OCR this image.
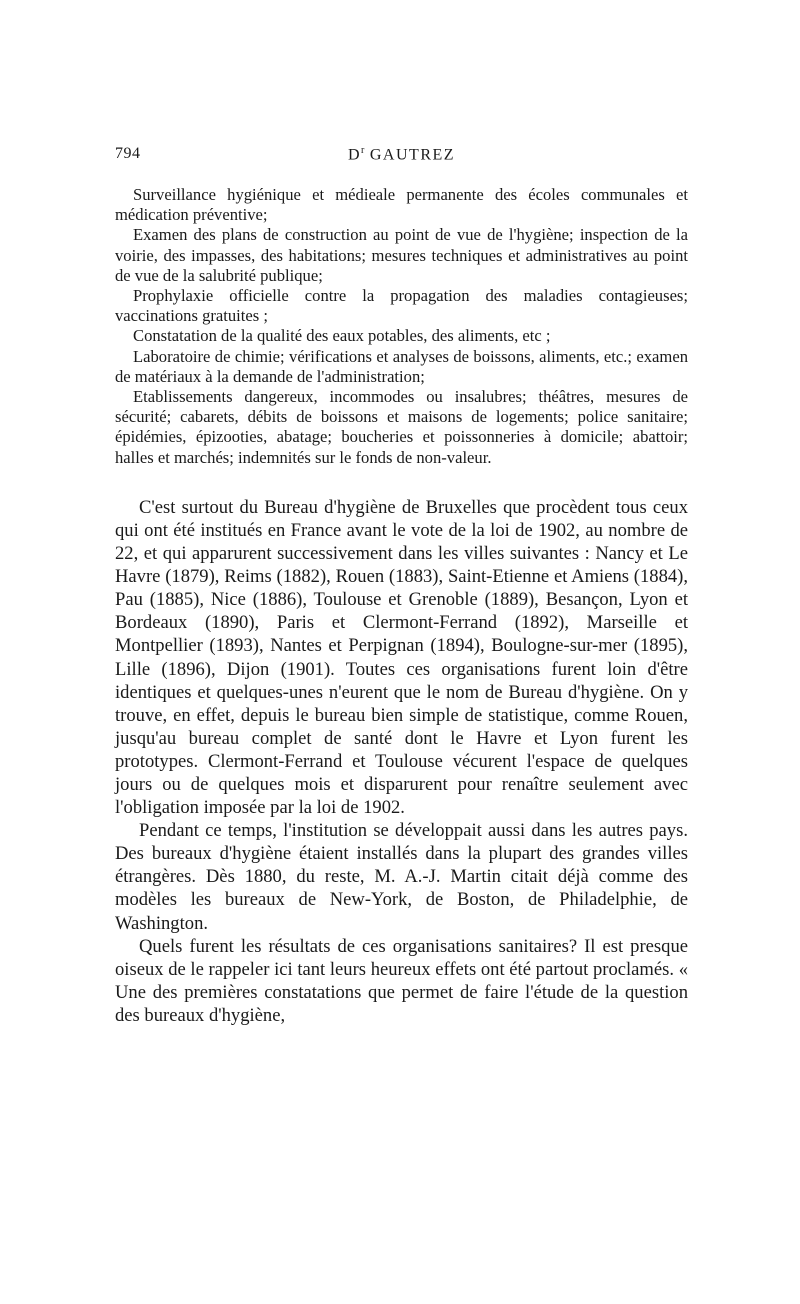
794	$D^r$ GAUTREZ

Surveillance hygiénique et médieale permanente des écoles communales et médication préventive;

Examen des plans de construction au point de vue de l'hygiène; inspection de la voirie, des impasses, des habitations; mesures techniques et administratives au point de vue de la salubrité publique;

Prophylaxie officielle contre la propagation des maladies contagieuses; vaccinations gratuites ;

Constatation de la qualité des eaux potables, des aliments, etc ;

Laboratoire de chimie; vérifications et analyses de boissons, aliments, etc.; examen de matériaux à la demande de l'administration;

Etablissements dangereux, incommodes ou insalubres; théâtres, mesures de sécurité; cabarets, débits de boissons et maisons de logements; police sanitaire; épidémies, épizooties, abatage; boucheries et poissonneries à domicile; abattoir; halles et marchés; indemnités sur le fonds de non-valeur.

C'est surtout du Bureau d'hygiène de Bruxelles que procèdent tous ceux qui ont été institués en France avant le vote de la loi de 1902, au nombre de 22, et qui apparurent successivement dans les villes suivantes : Nancy et Le Havre (1879), Reims (1882), Rouen (1883), Saint-Etienne et Amiens (1884), Pau (1885), Nice (1886), Toulouse et Grenoble (1889), Besançon, Lyon et Bordeaux (1890), Paris et Clermont-Ferrand (1892), Marseille et Montpellier (1893), Nantes et Perpignan (1894), Boulogne-sur-mer (1895), Lille (1896), Dijon (1901). Toutes ces organisations furent loin d'être identiques et quelques-unes n'eurent que le nom de Bureau d'hygiène. On y trouve, en effet, depuis le bureau bien simple de statistique, comme Rouen, jusqu'au bureau complet de santé dont le Havre et Lyon furent les prototypes. Clermont-Ferrand et Toulouse vécurent l'espace de quelques jours ou de quelques mois et disparurent pour renaître seulement avec l'obligation imposée par la loi de 1902.

Pendant ce temps, l'institution se développait aussi dans les autres pays. Des bureaux d'hygiène étaient installés dans la plupart des grandes villes étrangères. Dès 1880, du reste, M. A.-J. Martin citait déjà comme des modèles les bureaux de New-York, de Boston, de Philadelphie, de Washington.

Quels furent les résultats de ces organisations sanitaires? Il est presque oiseux de le rappeler ici tant leurs heureux effets ont été partout proclamés. « Une des premières constatations que permet de faire l'étude de la question des bureaux d'hygiène,
